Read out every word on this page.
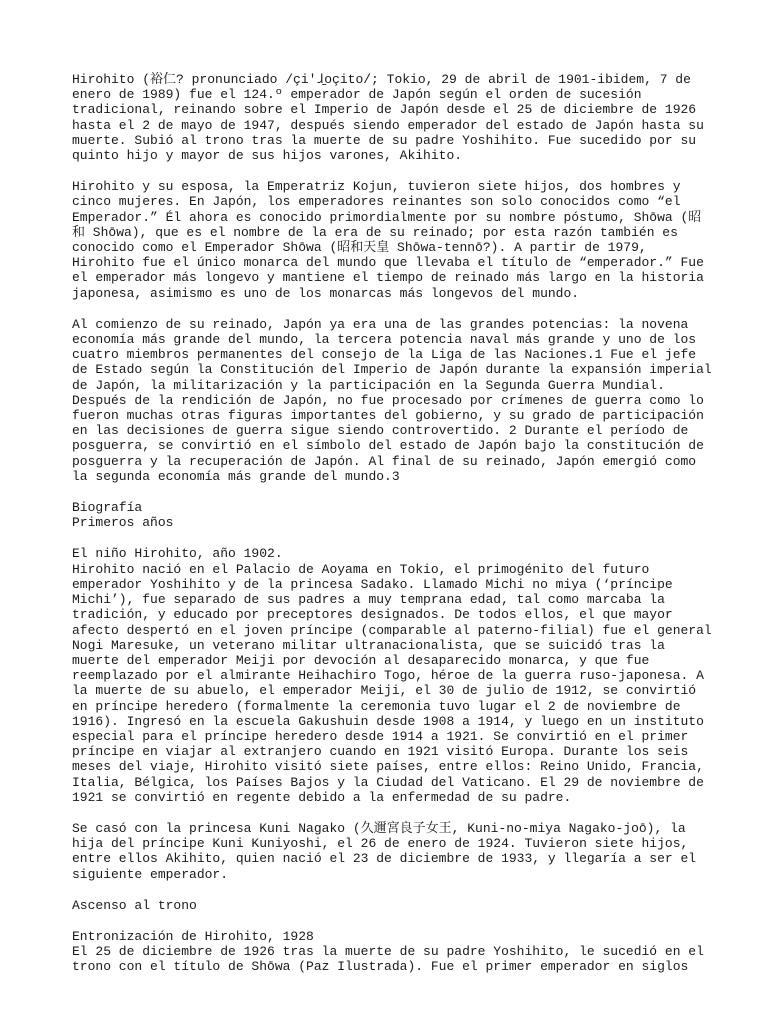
Hirohito (裕仁? pronunciado /çi'ɺ̠oçito/; Tokio, 29 de abril de 1901-ibidem, 7 de enero de 1989) fue el 124.º emperador de Japón según el orden de sucesión tradicional, reinando sobre el Imperio de Japón desde el 25 de diciembre de 1926 hasta el 2 de mayo de 1947, después siendo emperador del estado de Japón hasta su muerte. Subió al trono tras la muerte de su padre Yoshihito. Fue sucedido por su quinto hijo y mayor de sus hijos varones, Akihito.

Hirohito y su esposa, la Emperatriz Kojun, tuvieron siete hijos, dos hombres y cinco mujeres. En Japón, los emperadores reinantes son solo conocidos como “el Emperador.” Él ahora es conocido primordialmente por su nombre póstumo, Shōwa (昭和 Shōwa), que es el nombre de la era de su reinado; por esta razón también es conocido como el Emperador Shōwa (昭和天皇 Shōwa-tennō?). A partir de 1979, Hirohito fue el único monarca del mundo que llevaba el título de “emperador.” Fue el emperador más longevo y mantiene el tiempo de reinado más largo en la historia japonesa, asimismo es uno de los monarcas más longevos del mundo.

Al comienzo de su reinado, Japón ya era una de las grandes potencias: la novena economía más grande del mundo, la tercera potencia naval más grande y uno de los cuatro miembros permanentes del consejo de la Liga de las Naciones.1 Fue el jefe de Estado según la Constitución del Imperio de Japón durante la expansión imperial de Japón, la militarización y la participación en la Segunda Guerra Mundial. Después de la rendición de Japón, no fue procesado por crímenes de guerra como lo fueron muchas otras figuras importantes del gobierno, y su grado de participación en las decisiones de guerra sigue siendo controvertido. 2 Durante el período de posguerra, se convirtió en el símbolo del estado de Japón bajo la constitución de posguerra y la recuperación de Japón. Al final de su reinado, Japón emergió como la segunda economía más grande del mundo.3

Biografía
Primeros años
El niño Hirohito, año 1902.

Hirohito nació en el Palacio de Aoyama en Tokio, el primogénito del futuro emperador Yoshihito y de la princesa Sadako. Llamado Michi no miya (‘príncipe Michi’), fue separado de sus padres a muy temprana edad, tal como marcaba la tradición, y educado por preceptores designados. De todos ellos, el que mayor afecto despertó en el joven príncipe (comparable al paterno-filial) fue el general Nogi Maresuke, un veterano militar ultranacionalista, que se suicidó tras la muerte del emperador Meiji por devoción al desaparecido monarca, y que fue reemplazado por el almirante Heihachiro Togo, héroe de la guerra ruso-japonesa. A la muerte de su abuelo, el emperador Meiji, el 30 de julio de 1912, se convirtió en príncipe heredero (formalmente la ceremonia tuvo lugar el 2 de noviembre de 1916). Ingresó en la escuela Gakushuin desde 1908 a 1914, y luego en un instituto especial para el príncipe heredero desde 1914 a 1921. Se convirtió en el primer príncipe en viajar al extranjero cuando en 1921 visitó Europa. Durante los seis meses del viaje, Hirohito visitó siete países, entre ellos: Reino Unido, Francia, Italia, Bélgica, los Países Bajos y la Ciudad del Vaticano. El 29 de noviembre de 1921 se convirtió en regente debido a la enfermedad de su padre.

Se casó con la princesa Kuni Nagako (久邇宮良子女王, Kuni-no-miya Nagako-joō), la hija del príncipe Kuni Kuniyoshi, el 26 de enero de 1924. Tuvieron siete hijos, entre ellos Akihito, quien nació el 23 de diciembre de 1933, y llegaría a ser el siguiente emperador.

Ascenso al trono
Entronización de Hirohito, 1928

El 25 de diciembre de 1926 tras la muerte de su padre Yoshihito, le sucedió en el trono con el título de Shōwa (Paz Ilustrada). Fue el primer emperador en siglos
